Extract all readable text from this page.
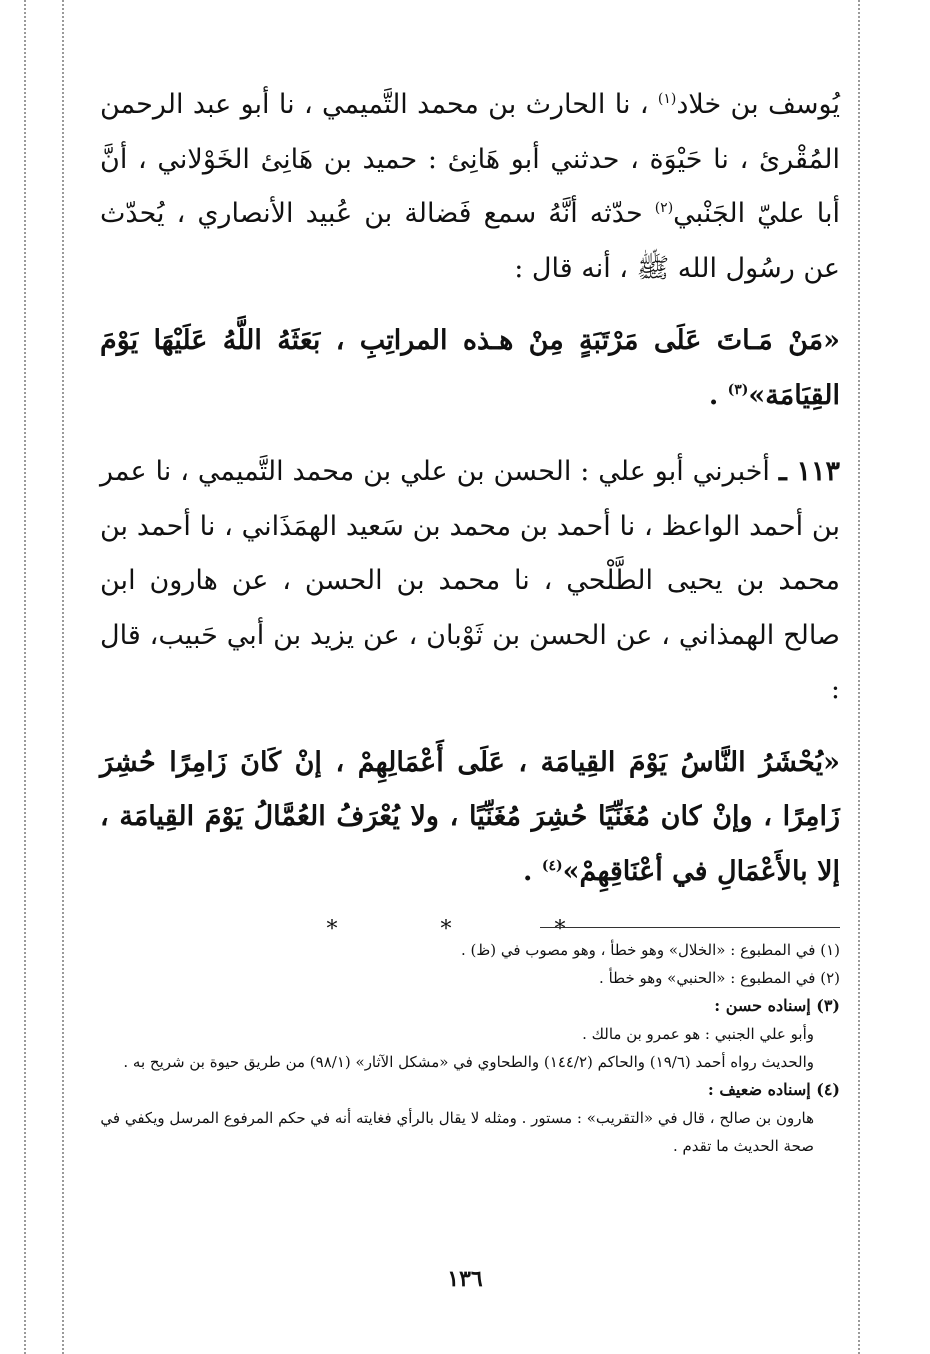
يُوسف بن خلاد$^{(١)}$ ، نا الحارث بن محمد التَّميمي ، نا أبو عبد الرحمن المُقْرئ ، نا حَيْوَة ، حدثني أبو هَانِئ : حميد بن هَانِئ الخَوْلاني ، أنَّ أبا عليّ الجَنْبي$^{(٢)}$ حدّثه أنَّهُ سمع فَضالة بن عُبيد الأنصاري ، يُحدّث عن رسُول الله ﷺ ، أنه قال :

«مَنْ مَـاتَ عَلَى مَرْتَبَةٍ مِنْ هـذه المراتِبِ ، بَعَثَهُ اللَّهُ عَلَيْهَا يَوْمَ القِيَامَة»$^{(٣)}$ .

١١٣ ـ أخبرني أبو علي : الحسن بن علي بن محمد التَّميمي ، نا عمر بن أحمد الواعظ ، نا أحمد بن محمد بن سَعيد الهمَذَاني ، نا أحمد بن محمد بن يحيى الطَّلْحي ، نا محمد بن الحسن ، عن هارون ابن صالح الهمذاني ، عن الحسن بن ثَوْبان ، عن يزيد بن أبي حَبيب، قال :

«يُحْشَرُ النَّاسُ يَوْمَ القِيامَة ، عَلَى أَعْمَالِهِمْ ، إنْ كَانَ زَامِرًا حُشِرَ زَامِرًا ، وإنْ كان مُغَنِّيًا حُشِرَ مُغَنِّيًا ، ولا يُعْرَفُ العُمَّالُ يَوْمَ القِيامَة ، إلا بالأَعْمَالِ في أعْنَاقِهِمْ»$^{(٤)}$ .

* * *

(١) في المطبوع : «الخلال» وهو خطأ ، وهو مصوب في (ظ) .

(٢) في المطبوع : «الحنبي» وهو خطأ .

(٣) إسناده حسن :

وأبو علي الجنبي : هو عمرو بن مالك .

والحديث رواه أحمد (١٩/٦) والحاكم (١٤٤/٢) والطحاوي في «مشكل الآثار» (٩٨/١) من طريق حيوة بن شريح به .

(٤) إسناده ضعيف :

هارون بن صالح ، قال في «التقريب» : مستور . ومثله لا يقال بالرأي فغايته أنه في حكم المرفوع المرسل ويكفي في صحة الحديث ما تقدم .

١٣٦
